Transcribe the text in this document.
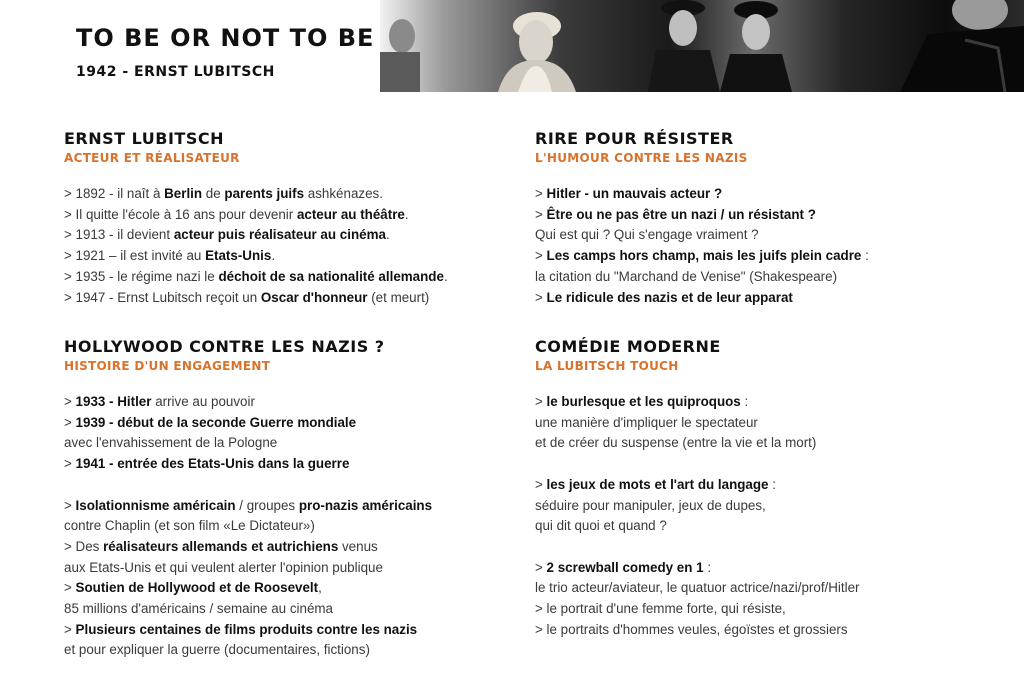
TO BE OR NOT TO BE

1942 - ERNST LUBITSCH

ERNST LUBITSCH
ACTEUR ET RÉALISATEUR
> 1892 - il naît à Berlin de parents juifs ashkénazes.
> Il quitte l'école à 16 ans pour devenir acteur au théâtre.
> 1913 - il devient acteur puis réalisateur au cinéma.
> 1921 – il est invité au Etats-Unis.
> 1935 - le régime nazi le déchoit de sa nationalité allemande.
> 1947 - Ernst Lubitsch reçoit un Oscar d'honneur (et meurt)
HOLLYWOOD CONTRE LES NAZIS ?
HISTOIRE D'UN ENGAGEMENT
> 1933 - Hitler arrive au pouvoir
> 1939 - début de la seconde Guerre mondiale
avec l'envahissement de la Pologne
> 1941 - entrée des Etats-Unis dans la guerre
> Isolationnisme américain / groupes pro-nazis américains
contre Chaplin (et son film «Le Dictateur»)
> Des réalisateurs allemands et autrichiens venus
aux Etats-Unis et qui veulent alerter l'opinion publique
> Soutien de Hollywood et de Roosevelt,
85 millions d'américains / semaine au cinéma
> Plusieurs centaines de films produits contre les nazis
et pour expliquer la guerre (documentaires, fictions)
RIRE POUR RÉSISTER
L'HUMOUR CONTRE LES NAZIS
> Hitler - un mauvais acteur ?
> Être ou ne pas être un nazi / un résistant ?
Qui est qui ? Qui s'engage vraiment ?
> Les camps hors champ, mais les juifs plein cadre :
la citation du "Marchand de Venise" (Shakespeare)
> Le ridicule des nazis et de leur apparat
COMÉDIE MODERNE
LA LUBITSCH TOUCH
> le burlesque et les quiproquos :
une manière d'impliquer le spectateur
et de créer du suspense (entre la vie et la mort)
> les jeux de mots et l'art du langage :
séduire pour manipuler, jeux de dupes,
qui dit quoi et quand ?
> 2 screwball comedy en 1 :
le trio acteur/aviateur, le quatuor actrice/nazi/prof/Hitler
> le portrait d'une femme forte, qui résiste,
> le portraits d'hommes veules, égoïstes et grossiers
